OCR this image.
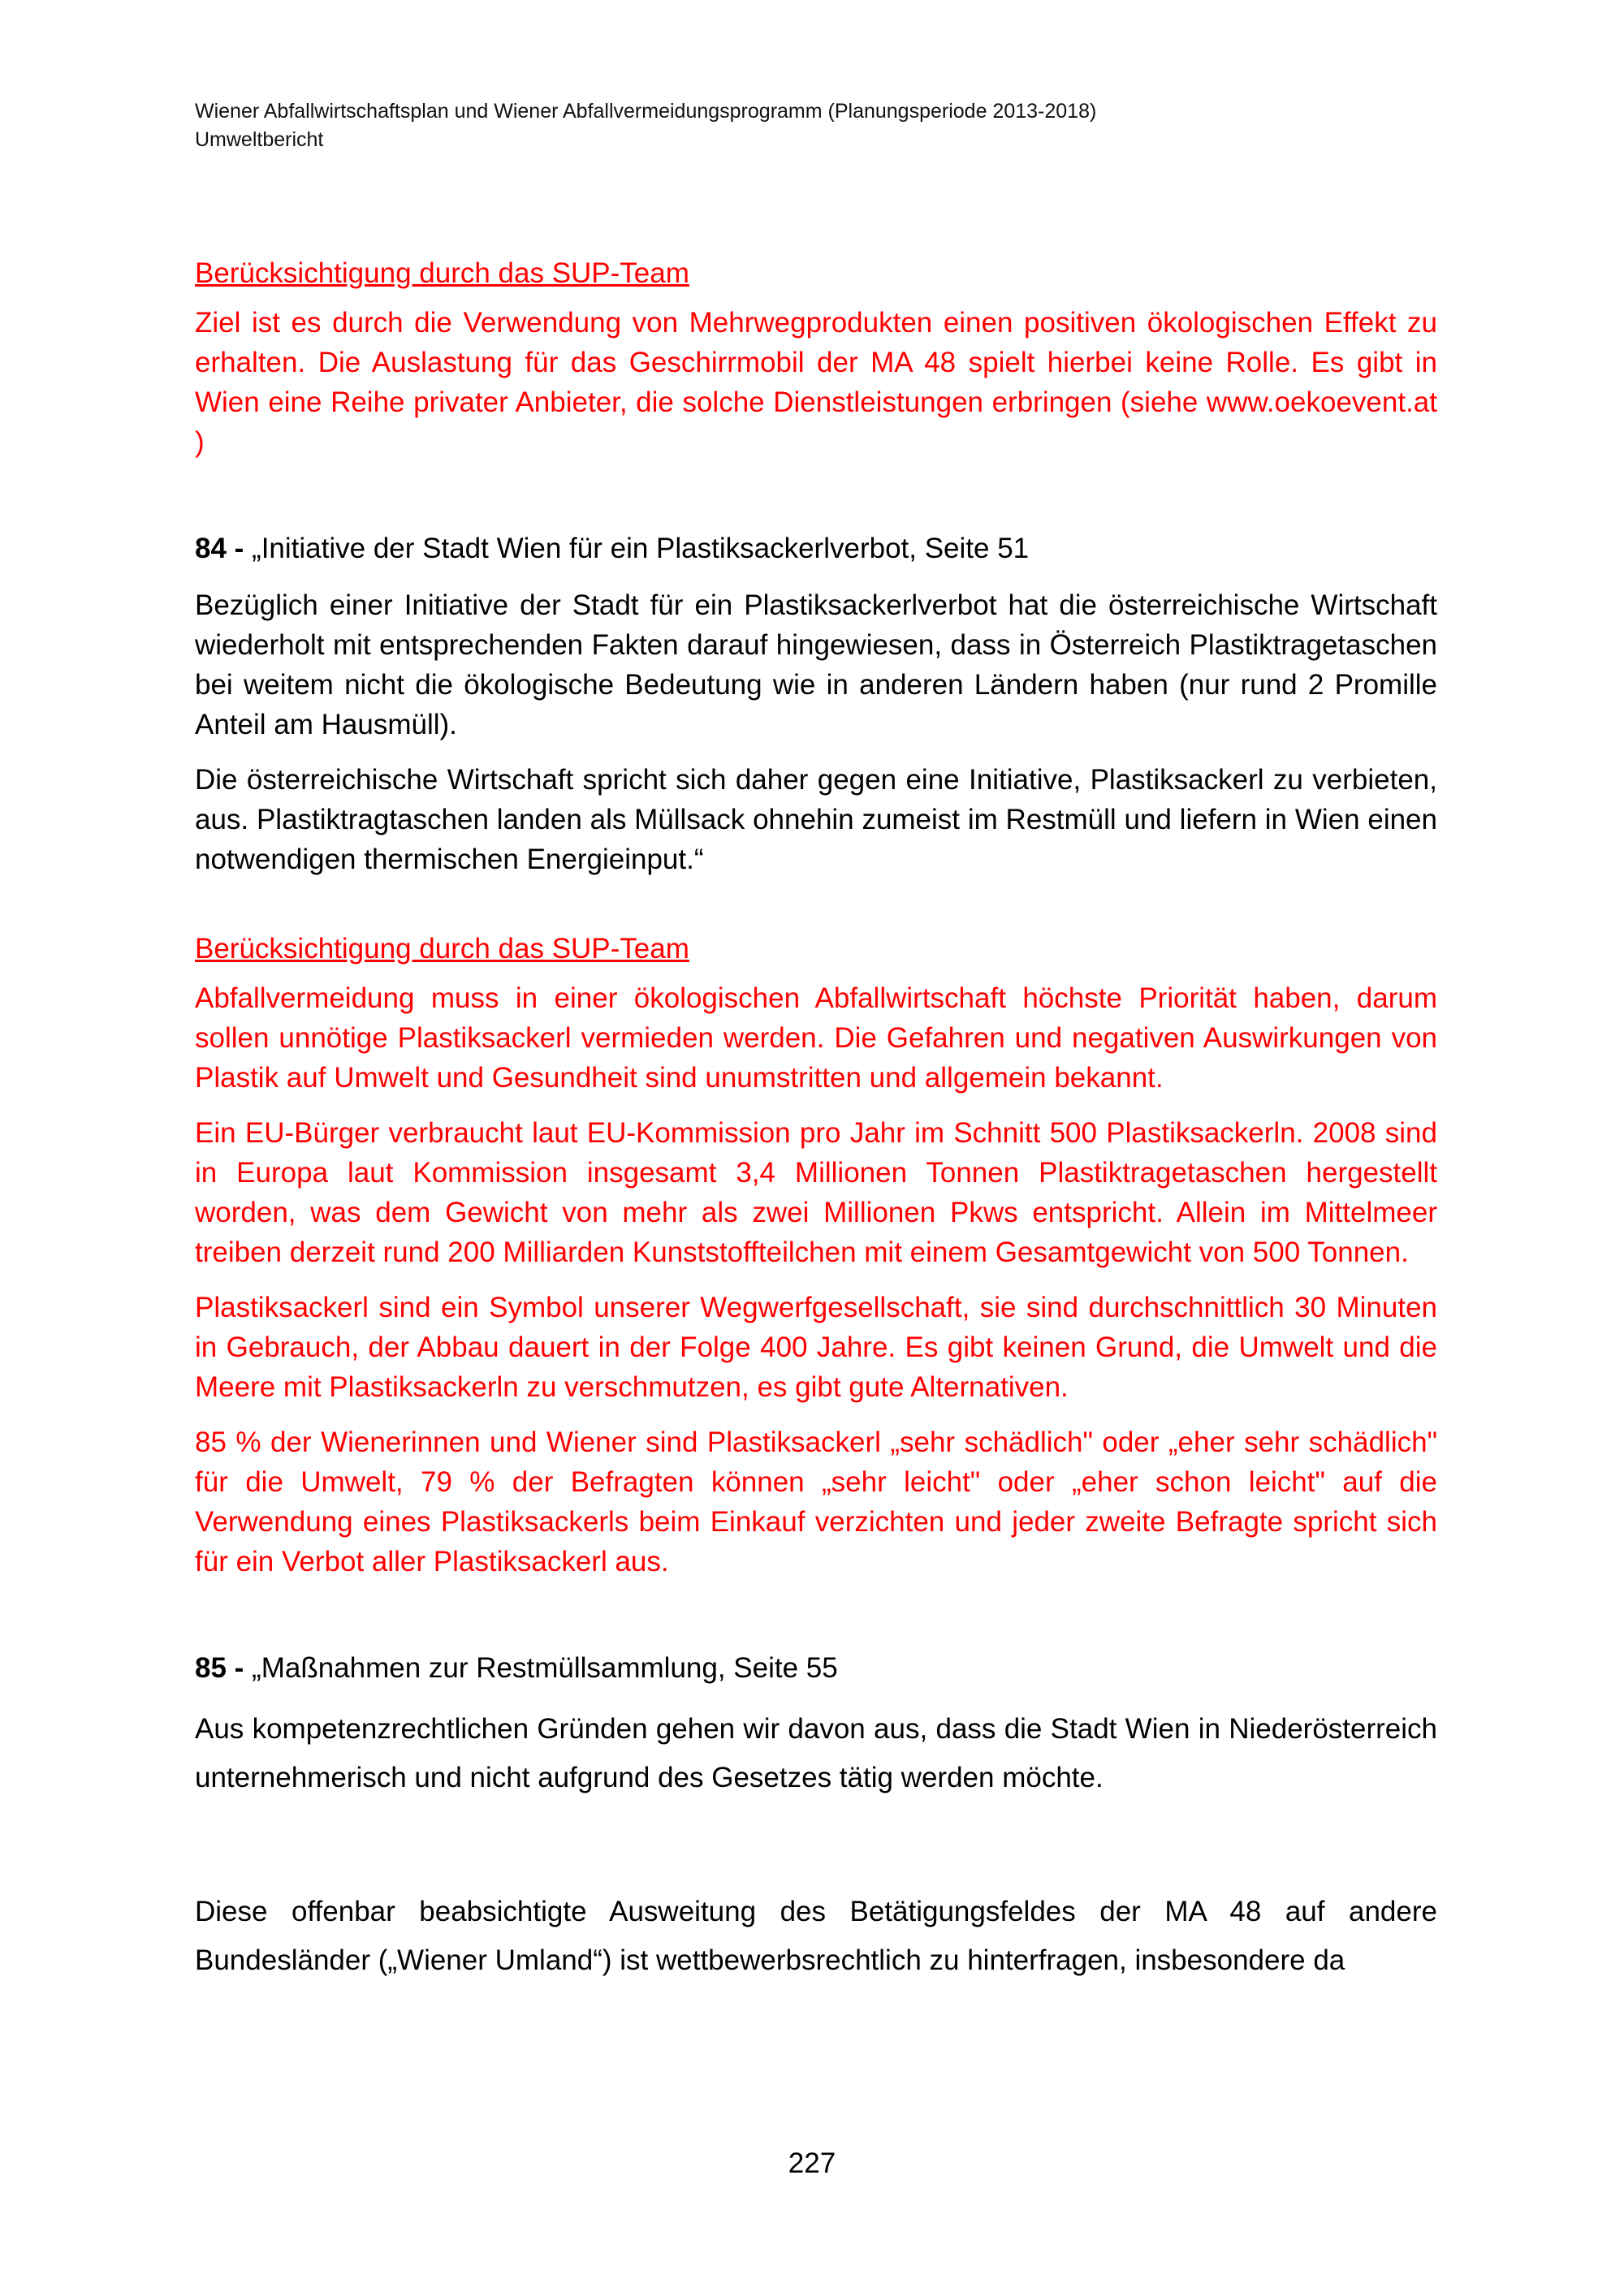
Wiener Abfallwirtschaftsplan und Wiener Abfallvermeidungsprogramm (Planungsperiode 2013-2018)
Umweltbericht

Berücksichtigung durch das SUP-Team

Ziel ist es durch die Verwendung von Mehrwegprodukten einen positiven ökologischen Effekt zu erhalten. Die Auslastung für das Geschirrmobil der MA 48 spielt hierbei keine Rolle. Es gibt in Wien eine Reihe privater Anbieter, die solche Dienstleistungen erbringen (siehe www.oekoevent.at )

84 - „Initiative der Stadt Wien für ein Plastiksackerlverbot, Seite 51

Bezüglich einer Initiative der Stadt für ein Plastiksackerlverbot hat die österreichische Wirtschaft wiederholt mit entsprechenden Fakten darauf hingewiesen, dass in Österreich Plastiktragetaschen bei weitem nicht die ökologische Bedeutung wie in anderen Ländern haben (nur rund 2 Promille Anteil am Hausmüll).

Die österreichische Wirtschaft spricht sich daher gegen eine Initiative, Plastiksackerl zu verbieten, aus. Plastiktragtaschen landen als Müllsack ohnehin zumeist im Restmüll und liefern in Wien einen notwendigen thermischen Energieinput.“

Berücksichtigung durch das SUP-Team

Abfallvermeidung muss in einer ökologischen Abfallwirtschaft höchste Priorität haben, darum sollen unnötige Plastiksackerl vermieden werden. Die Gefahren und negativen Auswirkungen von Plastik auf Umwelt und Gesundheit sind unumstritten und allgemein bekannt.

Ein EU-Bürger verbraucht laut EU-Kommission pro Jahr im Schnitt 500 Plastiksackerln. 2008 sind in Europa laut Kommission insgesamt 3,4 Millionen Tonnen Plastiktragetaschen hergestellt worden, was dem Gewicht von mehr als zwei Millionen Pkws entspricht. Allein im Mittelmeer treiben derzeit rund 200 Milliarden Kunststoffteilchen mit einem Gesamtgewicht von 500 Tonnen.

Plastiksackerl sind ein Symbol unserer Wegwerfgesellschaft, sie sind durchschnittlich 30 Minuten in Gebrauch, der Abbau dauert in der Folge 400 Jahre. Es gibt keinen Grund, die Umwelt und die Meere mit Plastiksackerln zu verschmutzen, es gibt gute Alternativen.

85 % der Wienerinnen und Wiener sind Plastiksackerl „sehr schädlich" oder „eher sehr schädlich" für die Umwelt, 79 % der Befragten können „sehr leicht" oder „eher schon leicht" auf die Verwendung eines Plastiksackerls beim Einkauf verzichten und jeder zweite Befragte spricht sich für ein Verbot aller Plastiksackerl aus.

85 - „Maßnahmen zur Restmüllsammlung, Seite 55

Aus kompetenzrechtlichen Gründen gehen wir davon aus, dass die Stadt Wien in Niederösterreich unternehmerisch und nicht aufgrund des Gesetzes tätig werden möchte.

Diese offenbar beabsichtigte Ausweitung des Betätigungsfeldes der MA 48 auf andere Bundesländer („Wiener Umland“) ist wettbewerbsrechtlich zu hinterfragen, insbesondere da

227
